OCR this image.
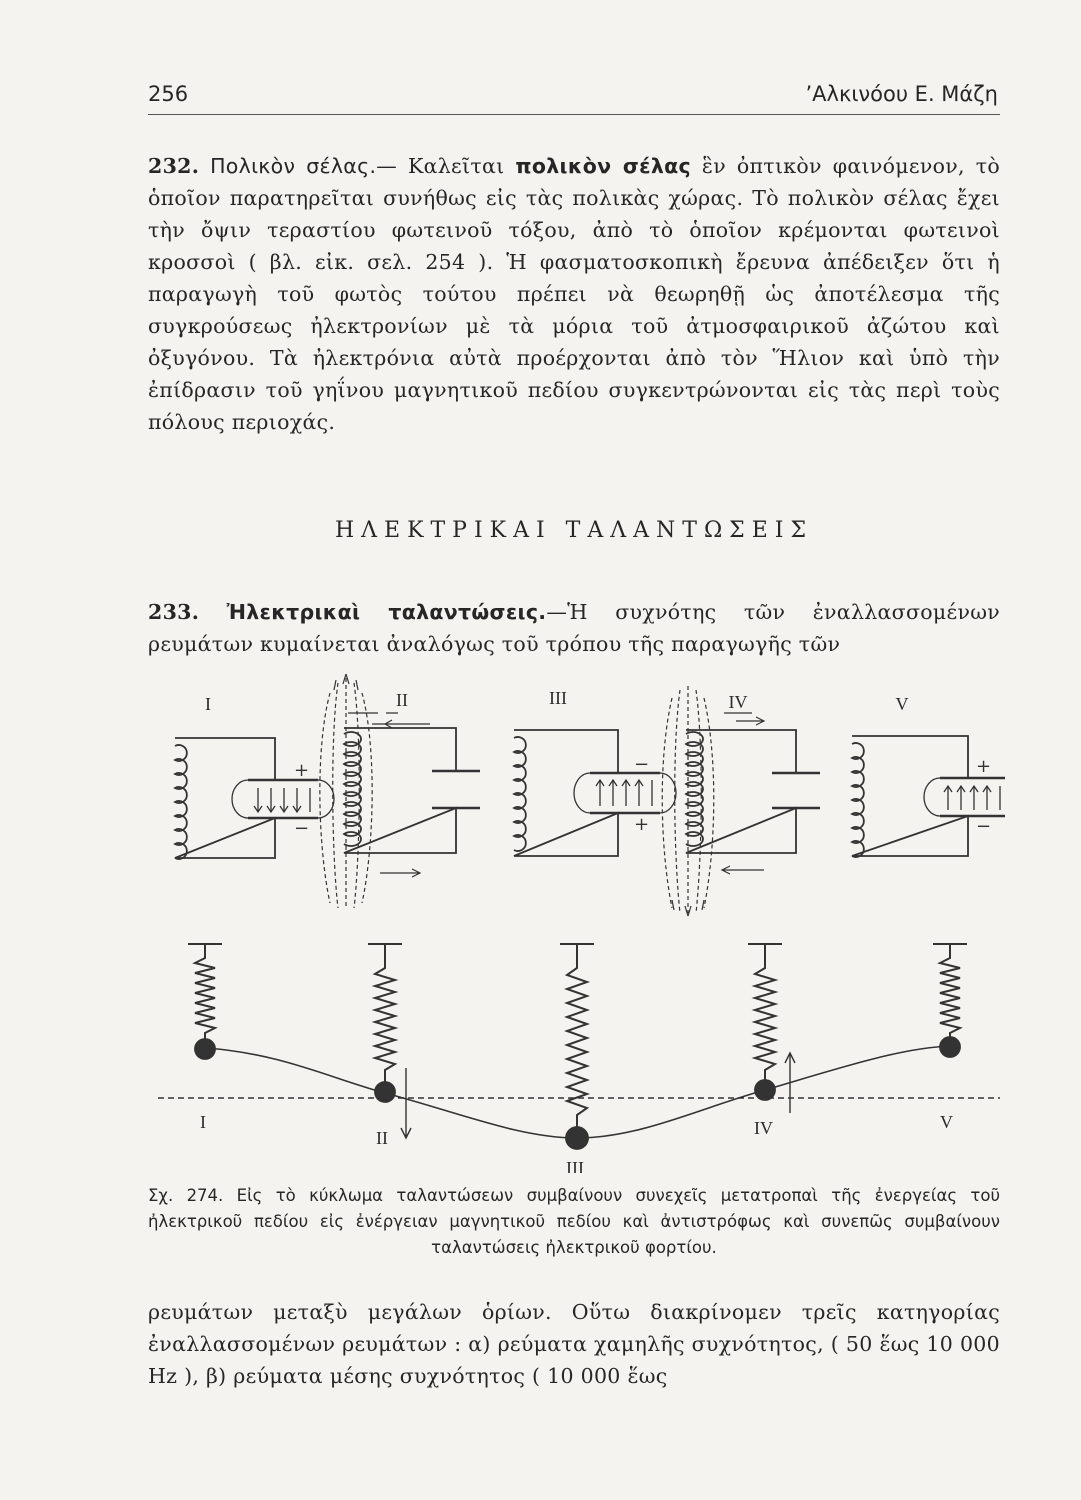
256	’Αλκινόου Ε. Μάζη

232. Πολικὸν σέλας.— Καλεῖται πολικὸν σέλας ἓν ὀπτικὸν φαινόμενον, τὸ ὁποῖον παρατηρεῖται συνήθως εἰς τὰς πολικὰς χώρας. Τὸ πολικὸν σέλας ἔχει τὴν ὄψιν τεραστίου φωτεινοῦ τόξου, ἀπὸ τὸ ὁποῖον κρέμονται φωτεινοὶ κροσσοὶ ( βλ. εἰκ. σελ. 254 ). Ἡ φασματοσκοπικὴ ἔρευνα ἀπέδειξεν ὅτι ἡ παραγωγὴ τοῦ φωτὸς τούτου πρέπει νὰ θεωρηθῇ ὡς ἀποτέλεσμα τῆς συγκρούσεως ἠλεκτρονίων μὲ τὰ μόρια τοῦ ἀτμοσφαιρικοῦ ἀζώτου καὶ ὀξυγόνου. Τὰ ἠλεκτρόνια αὐτὰ προέρχονται ἀπὸ τὸν Ἥλιον καὶ ὑπὸ τὴν ἐπίδρασιν τοῦ γηΐνου μαγνητικοῦ πεδίου συγκεντρώνονται εἰς τὰς περὶ τοὺς πόλους περιοχάς.

ΗΛΕΚΤΡΙΚΑΙ ΤΑΛΑΝΤΩΣΕΙΣ

233. Ἠλεκτρικαὶ ταλαντώσεις.—Ἡ συχνότης τῶν ἐναλλασσομένων ρευμάτων κυμαίνεται ἀναλόγως τοῦ τρόπου τῆς παραγωγῆς τῶν

I
+
−
II	III
−
+
IV	V
+
−
I
II
III
IV	V

Σχ. 274. Εἰς τὸ κύκλωμα ταλαντώσεων συμβαίνουν συνεχεῖς μετατροπαὶ τῆς ἐνεργείας τοῦ ἠλεκτρικοῦ πεδίου εἰς ἐνέργειαν μαγνητικοῦ πεδίου καὶ ἀντιστρόφως καὶ συνεπῶς συμβαίνουν ταλαντώσεις ἠλεκτρικοῦ φορτίου.

ρευμάτων μεταξὺ μεγάλων ὁρίων. Οὕτω διακρίνομεν τρεῖς κατηγορίας ἐναλλασσομένων ρευμάτων : α) ρεύματα χαμηλῆς συχνότητος, ( 50 ἕως 10 000 Hz ), β) ρεύματα μέσης συχνότητος ( 10 000 ἕως
